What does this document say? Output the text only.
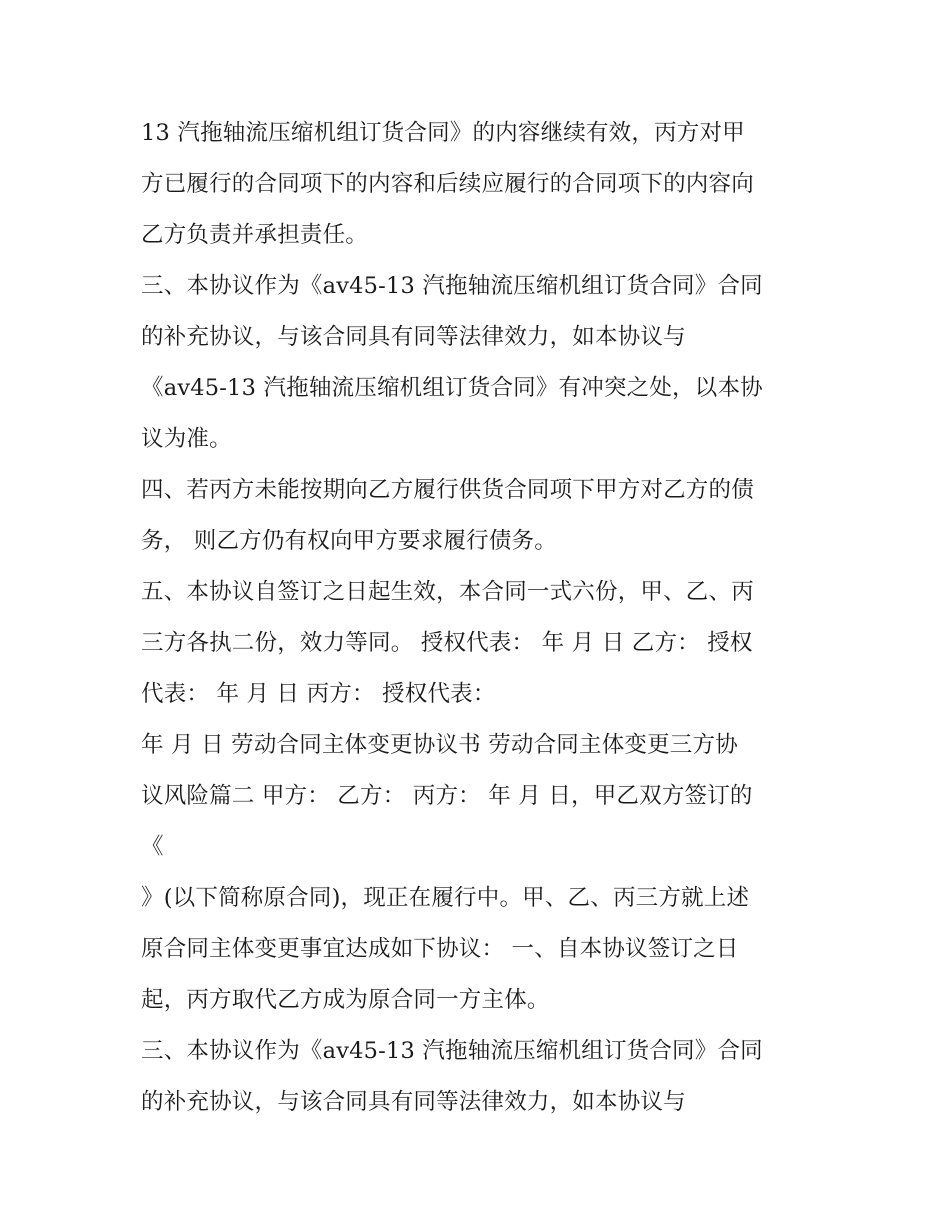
13 汽拖轴流压缩机组订货合同》的内容继续有效，丙方对甲
方已履行的合同项下的内容和后续应履行的合同项下的内容向
乙方负责并承担责任。
三、本协议作为《av45-13 汽拖轴流压缩机组订货合同》合同
的补充协议，与该合同具有同等法律效力，如本协议与
《av45-13 汽拖轴流压缩机组订货合同》有冲突之处，以本协
议为准。
四、若丙方未能按期向乙方履行供货合同项下甲方对乙方的债
务， 则乙方仍有权向甲方要求履行债务。
五、本协议自签订之日起生效，本合同一式六份，甲、乙、丙
三方各执二份，效力等同。 授权代表： 年 月 日 乙方： 授权
代表： 年 月 日 丙方： 授权代表：
年 月 日 劳动合同主体变更协议书 劳动合同主体变更三方协
议风险篇二 甲方： 乙方： 丙方： 年 月 日，甲乙双方签订的
《
》(以下简称原合同)，现正在履行中。甲、乙、丙三方就上述
原合同主体变更事宜达成如下协议： 一、自本协议签订之日
起，丙方取代乙方成为原合同一方主体。
三、本协议作为《av45-13 汽拖轴流压缩机组订货合同》合同
的补充协议，与该合同具有同等法律效力，如本协议与
